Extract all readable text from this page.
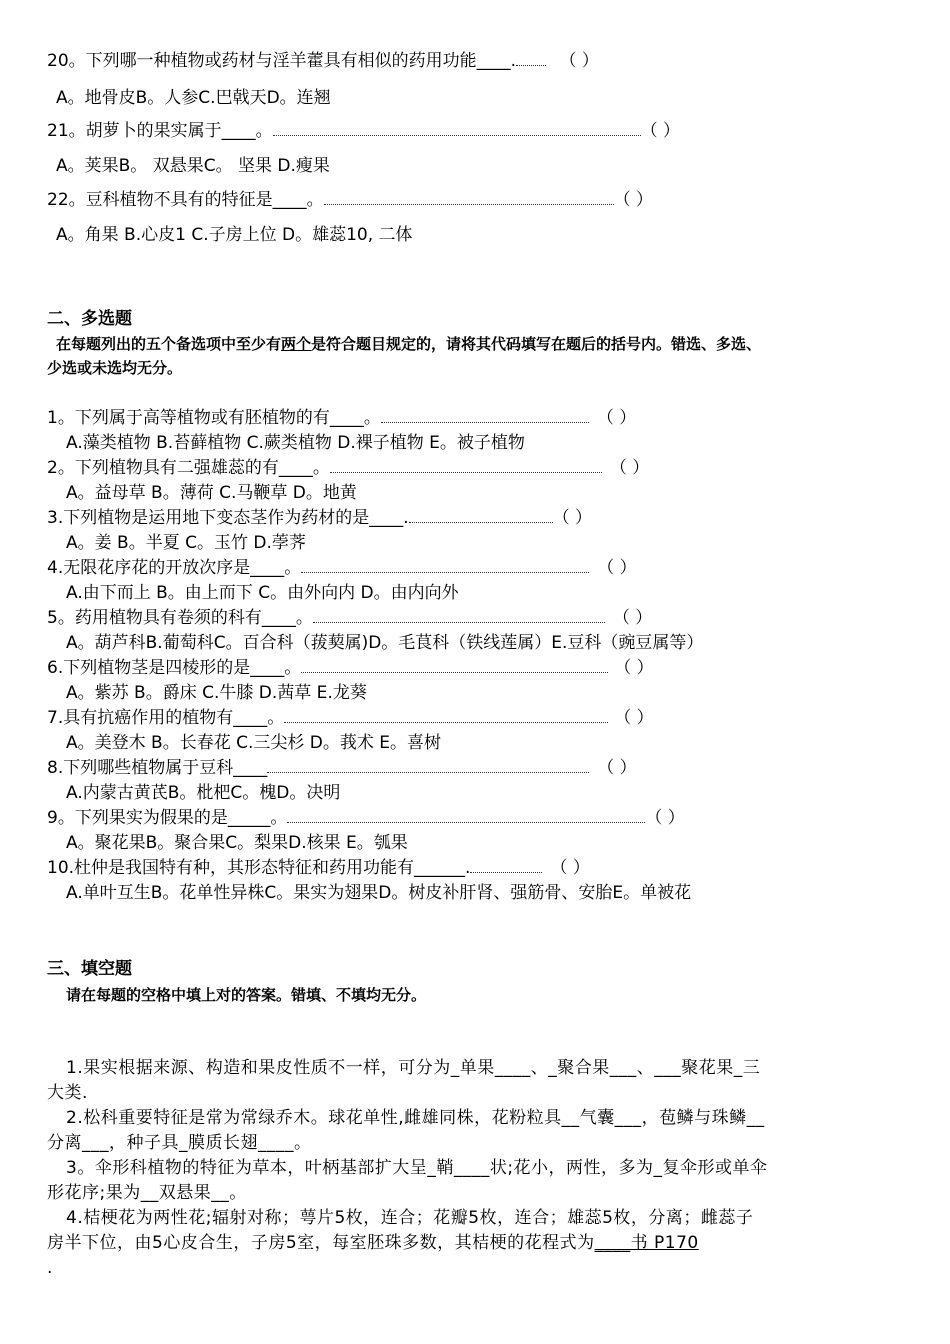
20。下列哪一种植物或药材与淫羊藿具有相似的药用功能____.	（ ）
A。地骨皮B。人参C.巴戟天D。连翘
21。胡萝卜的果实属于____。	（ ）
A。荚果B。 双悬果C。 坚果 D.瘦果
22。豆科植物不具有的特征是____。	（ ）
A。角果 B.心皮1 C.子房上位 D。雄蕊10, 二体
二、多选题
在每题列出的五个备选项中至少有两个是符合题目规定的，请将其代码填写在题后的括号内。错选、多选、
少选或未选均无分。
1。下列属于高等植物或有胚植物的有____。	（ ）
A.藻类植物 B.苔藓植物 C.蕨类植物 D.裸子植物 E。被子植物
2。下列植物具有二强雄蕊的有____。	（ ）
A。益母草 B。薄荷 C.马鞭草 D。地黄
3.下列植物是运用地下变态茎作为药材的是____.	（ ）
A。姜 B。半夏 C。玉竹 D.荸荠
4.无限花序花的开放次序是____。	（ ）
A.由下而上 B。由上而下 C。由外向内 D。由内向外
5。药用植物具有卷须的科有____。	（ ）
A。葫芦科B.葡萄科C。百合科（菝葜属)D。毛茛科（铁线莲属）E.豆科（豌豆属等）
6.下列植物茎是四棱形的是____。	（ ）
A。紫苏 B。爵床 C.牛膝 D.茜草 E.龙葵
7.具有抗癌作用的植物有____。	（ ）
A。美登木 B。长春花 C.三尖杉 D。莪术 E。喜树
8.下列哪些植物属于豆科____	（ ）
A.内蒙古黄芪B。枇杷C。槐D。决明
9。下列果实为假果的是_____。	（ ）
A。聚花果B。聚合果C。梨果D.核果 E。瓠果
10.杜仲是我国特有种，其形态特征和药用功能有______.	（ ）
A.单叶互生B。花单性异株C。果实为翅果D。树皮补肝肾、强筋骨、安胎E。单被花
三、填空题
请在每题的空格中填上对的答案。错填、不填均无分。
1.果实根据来源、构造和果皮性质不一样，可分为_单果____、_聚合果___、___聚花果_三
大类.
2.松科重要特征是常为常绿乔木。球花单性,雌雄同株，花粉粒具__气囊___，苞鳞与珠鳞__
分离___，种子具_膜质长翅____。
3。伞形科植物的特征为草本，叶柄基部扩大呈_鞘____状;花小，两性，多为_复伞形或单伞
形花序;果为__双悬果__。
4.桔梗花为两性花;辐射对称；萼片5枚，连合；花瓣5枚，连合；雄蕊5枚，分离；雌蕊子
房半下位，由5心皮合生，子房5室，每室胚珠多数，其桔梗的花程式为____书 P170
.
